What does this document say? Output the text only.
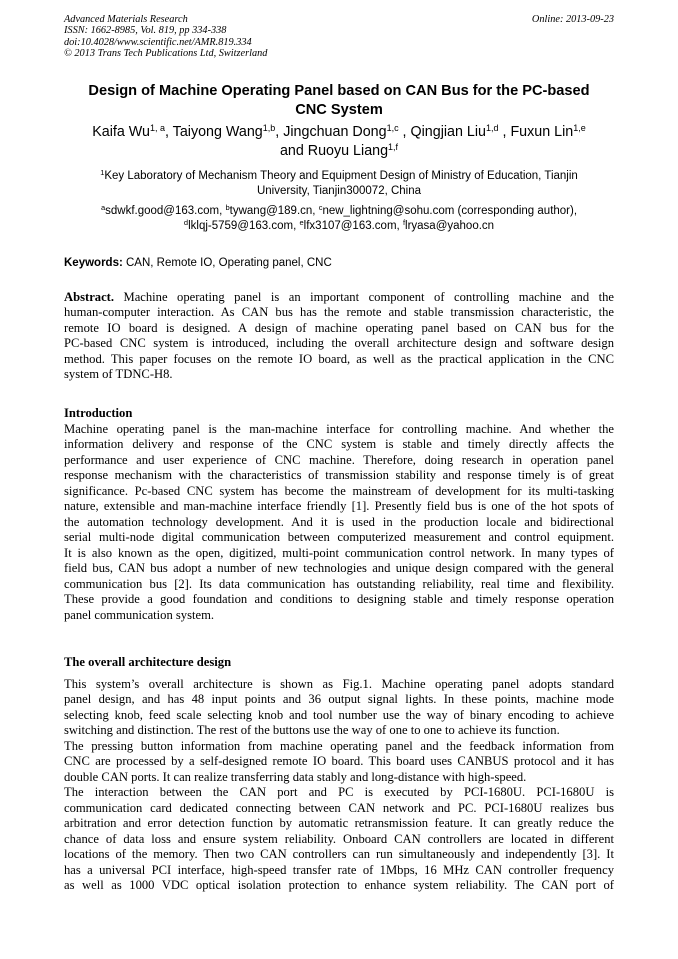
Advanced Materials Research
ISSN: 1662-8985, Vol. 819, pp 334-338
doi:10.4028/www.scientific.net/AMR.819.334
© 2013 Trans Tech Publications Ltd, Switzerland
Online: 2013-09-23
Design of Machine Operating Panel based on CAN Bus for the PC-based
CNC System
Kaifa Wu$^{1, a}$, Taiyong Wang$^{1,b}$, Jingchuan Dong$^{1,c}$ , Qingjian Liu$^{1,d}$ , Fuxun Lin$^{1,e}$
and Ruoyu Liang$^{1,f}$
$^1$Key Laboratory of Mechanism Theory and Equipment Design of Ministry of Education, Tianjin
University, Tianjin300072, China
$^a$sdwkf.good@163.com, $^b$tywang@189.cn, $^c$new_lightning@sohu.com (corresponding author),
$^d$lklqj-5759@163.com, $^e$lfx3107@163.com, $^f$lryasa@yahoo.cn
Keywords: CAN, Remote IO, Operating panel, CNC
Abstract. Machine operating panel is an important component of controlling machine and the
human-computer interaction. As CAN bus has the remote and stable transmission characteristic, the
remote IO board is designed. A design of machine operating panel based on CAN bus for the
PC-based CNC system is introduced, including the overall architecture design and software design
method. This paper focuses on the remote IO board, as well as the practical application in the CNC
system of TDNC-H8.
Introduction
Machine operating panel is the man-machine interface for controlling machine. And whether the
information delivery and response of the CNC system is stable and timely directly affects the
performance and user experience of CNC machine. Therefore, doing research in operation panel
response mechanism with the characteristics of transmission stability and response timely is of great
significance. Pc-based CNC system has become the mainstream of development for its multi-tasking
nature, extensible and man-machine interface friendly [1]. Presently field bus is one of the hot spots of
the automation technology development. And it is used in the production locale and bidirectional
serial multi-node digital communication between computerized measurement and control equipment.
It is also known as the open, digitized, multi-point communication control network. In many types of
field bus, CAN bus adopt a number of new technologies and unique design compared with the general
communication bus [2]. Its data communication has outstanding reliability, real time and flexibility.
These provide a good foundation and conditions to designing stable and timely response operation
panel communication system.
The overall architecture design
This system’s overall architecture is shown as Fig.1. Machine operating panel adopts standard
panel design, and has 48 input points and 36 output signal lights. In these points, machine mode
selecting knob, feed scale selecting knob and tool number use the way of binary encoding to achieve
switching and distinction. The rest of the buttons use the way of one to one to achieve its function.
The pressing button information from machine operating panel and the feedback information from
CNC are processed by a self-designed remote IO board. This board uses CANBUS protocol and it has
double CAN ports. It can realize transferring data stably and long-distance with high-speed.
The interaction between the CAN port and PC is executed by PCI-1680U. PCI-1680U is
communication card dedicated connecting between CAN network and PC. PCI-1680U realizes bus
arbitration and error detection function by automatic retransmission feature. It can greatly reduce the
chance of data loss and ensure system reliability. Onboard CAN controllers are located in different
locations of the memory. Then two CAN controllers can run simultaneously and independently [3]. It
has a universal PCI interface, high-speed transfer rate of 1Mbps, 16 MHz CAN controller frequency
as well as 1000 VDC optical isolation protection to enhance system reliability. The CAN port of
